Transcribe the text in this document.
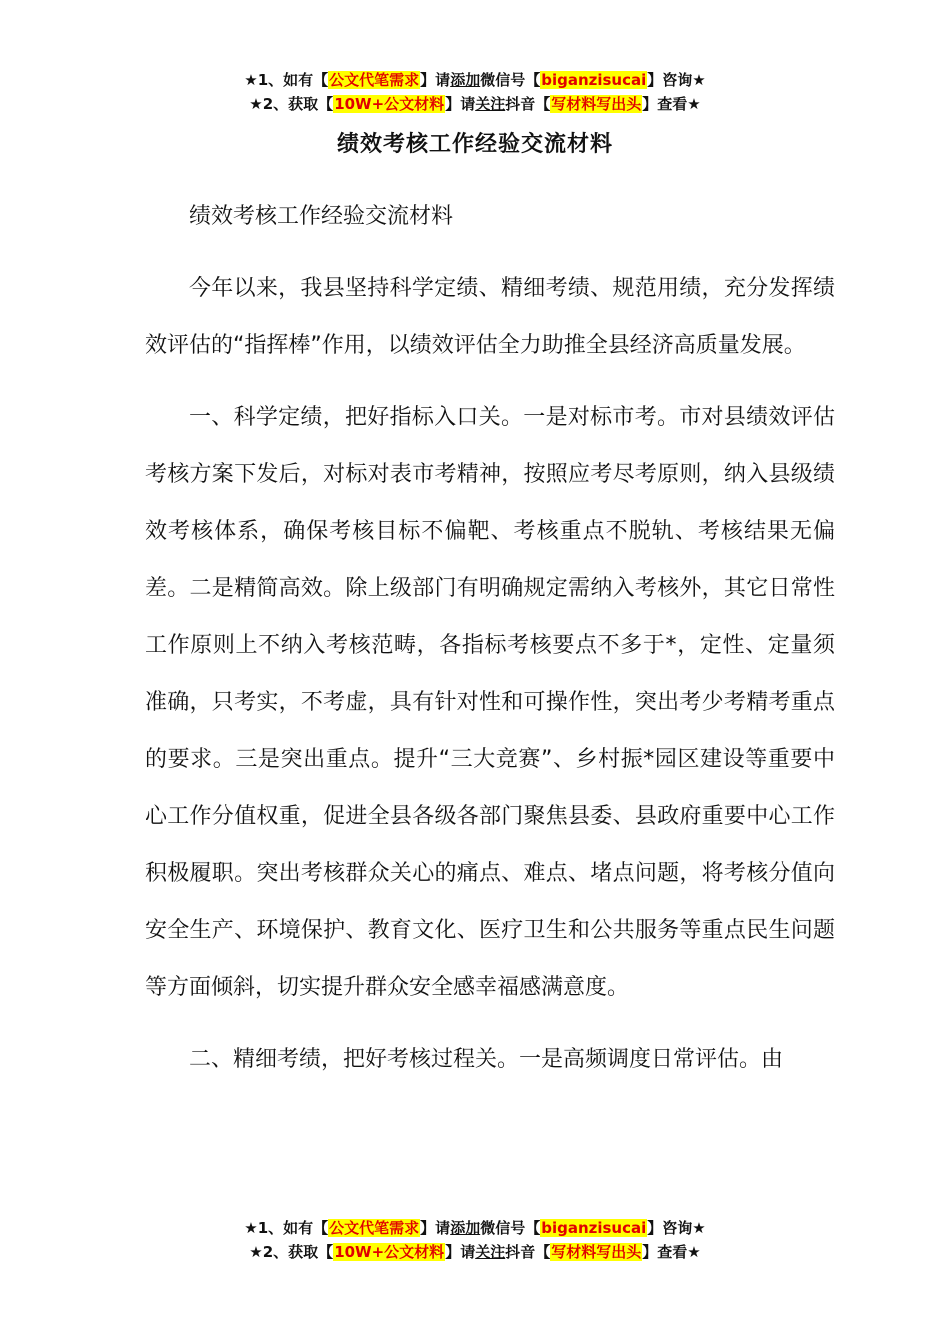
★1、如有【公文代笔需求】请添加微信号【biganzisucai】咨询★
★2、获取【10W+公文材料】请关注抖音【写材料写出头】查看★
绩效考核工作经验交流材料

绩效考核工作经验交流材料

今年以来，我县坚持科学定绩、精细考绩、规范用绩，充分发挥绩效评估的“指挥棒”作用，以绩效评估全力助推全县经济高质量发展。

一、科学定绩，把好指标入口关。一是对标市考。市对县绩效评估考核方案下发后，对标对表市考精神，按照应考尽考原则，纳入县级绩效考核体系，确保考核目标不偏靶、考核重点不脱轨、考核结果无偏差。二是精简高效。除上级部门有明确规定需纳入考核外，其它日常性工作原则上不纳入考核范畴，各指标考核要点不多于*，定性、定量须准确，只考实，不考虚，具有针对性和可操作性，突出考少考精考重点的要求。三是突出重点。提升“三大竞赛”、乡村振*园区建设等重要中心工作分值权重，促进全县各级各部门聚焦县委、县政府重要中心工作积极履职。突出考核群众关心的痛点、难点、堵点问题，将考核分值向安全生产、环境保护、教育文化、医疗卫生和公共服务等重点民生问题等方面倾斜，切实提升群众安全感幸福感满意度。

二、精细考绩，把好考核过程关。一是高频调度日常评估。由

★1、如有【公文代笔需求】请添加微信号【biganzisucai】咨询★
★2、获取【10W+公文材料】请关注抖音【写材料写出头】查看★
